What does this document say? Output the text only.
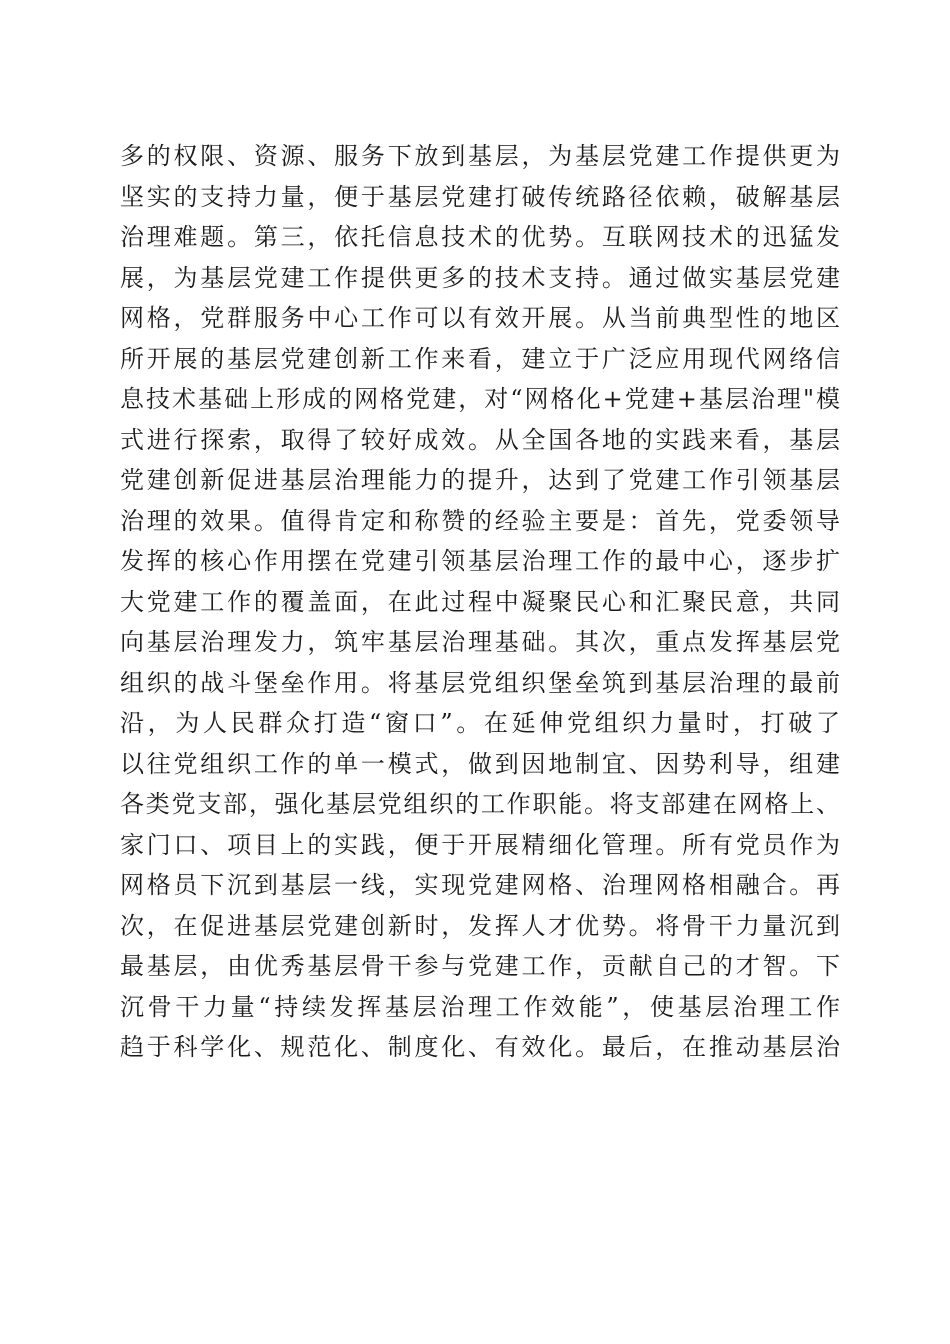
多的权限、资源、服务下放到基层，为基层党建工作提供更为
坚实的支持力量，便于基层党建打破传统路径依赖，破解基层
治理难题。第三，依托信息技术的优势。互联网技术的迅猛发
展，为基层党建工作提供更多的技术支持。通过做实基层党建
网格，党群服务中心工作可以有效开展。从当前典型性的地区
所开展的基层党建创新工作来看，建立于广泛应用现代网络信
息技术基础上形成的网格党建，对“网格化+党建+基层治理"模
式进行探索，取得了较好成效。从全国各地的实践来看，基层
党建创新促进基层治理能力的提升，达到了党建工作引领基层
治理的效果。值得肯定和称赞的经验主要是：首先，党委领导
发挥的核心作用摆在党建引领基层治理工作的最中心，逐步扩
大党建工作的覆盖面，在此过程中凝聚民心和汇聚民意，共同
向基层治理发力，筑牢基层治理基础。其次，重点发挥基层党
组织的战斗堡垒作用。将基层党组织堡垒筑到基层治理的最前
沿，为人民群众打造“窗口”。在延伸党组织力量时，打破了
以往党组织工作的单一模式，做到因地制宜、因势利导，组建
各类党支部，强化基层党组织的工作职能。将支部建在网格上、
家门口、项目上的实践，便于开展精细化管理。所有党员作为
网格员下沉到基层一线，实现党建网格、治理网格相融合。再
次，在促进基层党建创新时，发挥人才优势。将骨干力量沉到
最基层，由优秀基层骨干参与党建工作，贡献自己的才智。下
沉骨干力量“持续发挥基层治理工作效能”，使基层治理工作
趋于科学化、规范化、制度化、有效化。最后，在推动基层治
